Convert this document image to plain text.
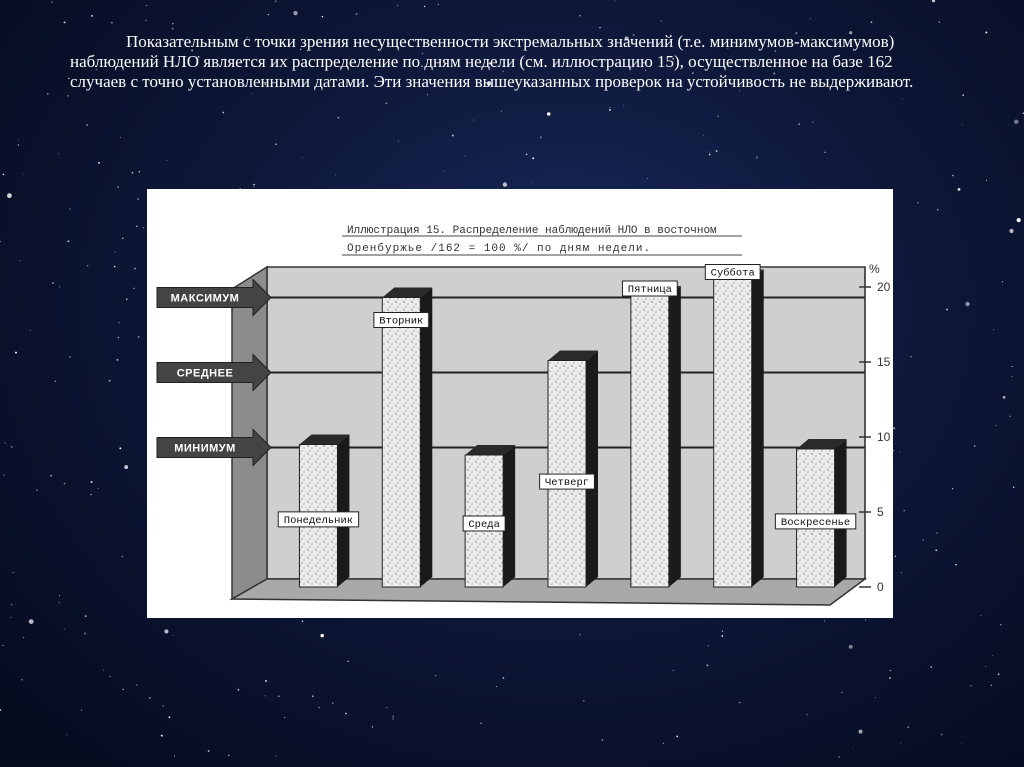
Показательным с точки зрения несущественности экстремальных значений (т.е. минимумов-максимумов) наблюдений НЛО является их распределение по дням недели (см. иллюстрацию 15), осуществленное на базе 162 случаев с точно установленными датами. Эти значения вышеуказанных проверок на устойчивость не выдерживают.
Иллюстрация 15. Распределение наблюдений НЛО в восточном
Оренбуржье /162 = 100 %/ по дням недели.
МАКСИМУМ
СРЕДНЕЕ
МИНИМУМ
Понедельник
Вторник
Среда
Четверг
Пятница
Суббота
Воскресенье
0
5
10
15
20
%
